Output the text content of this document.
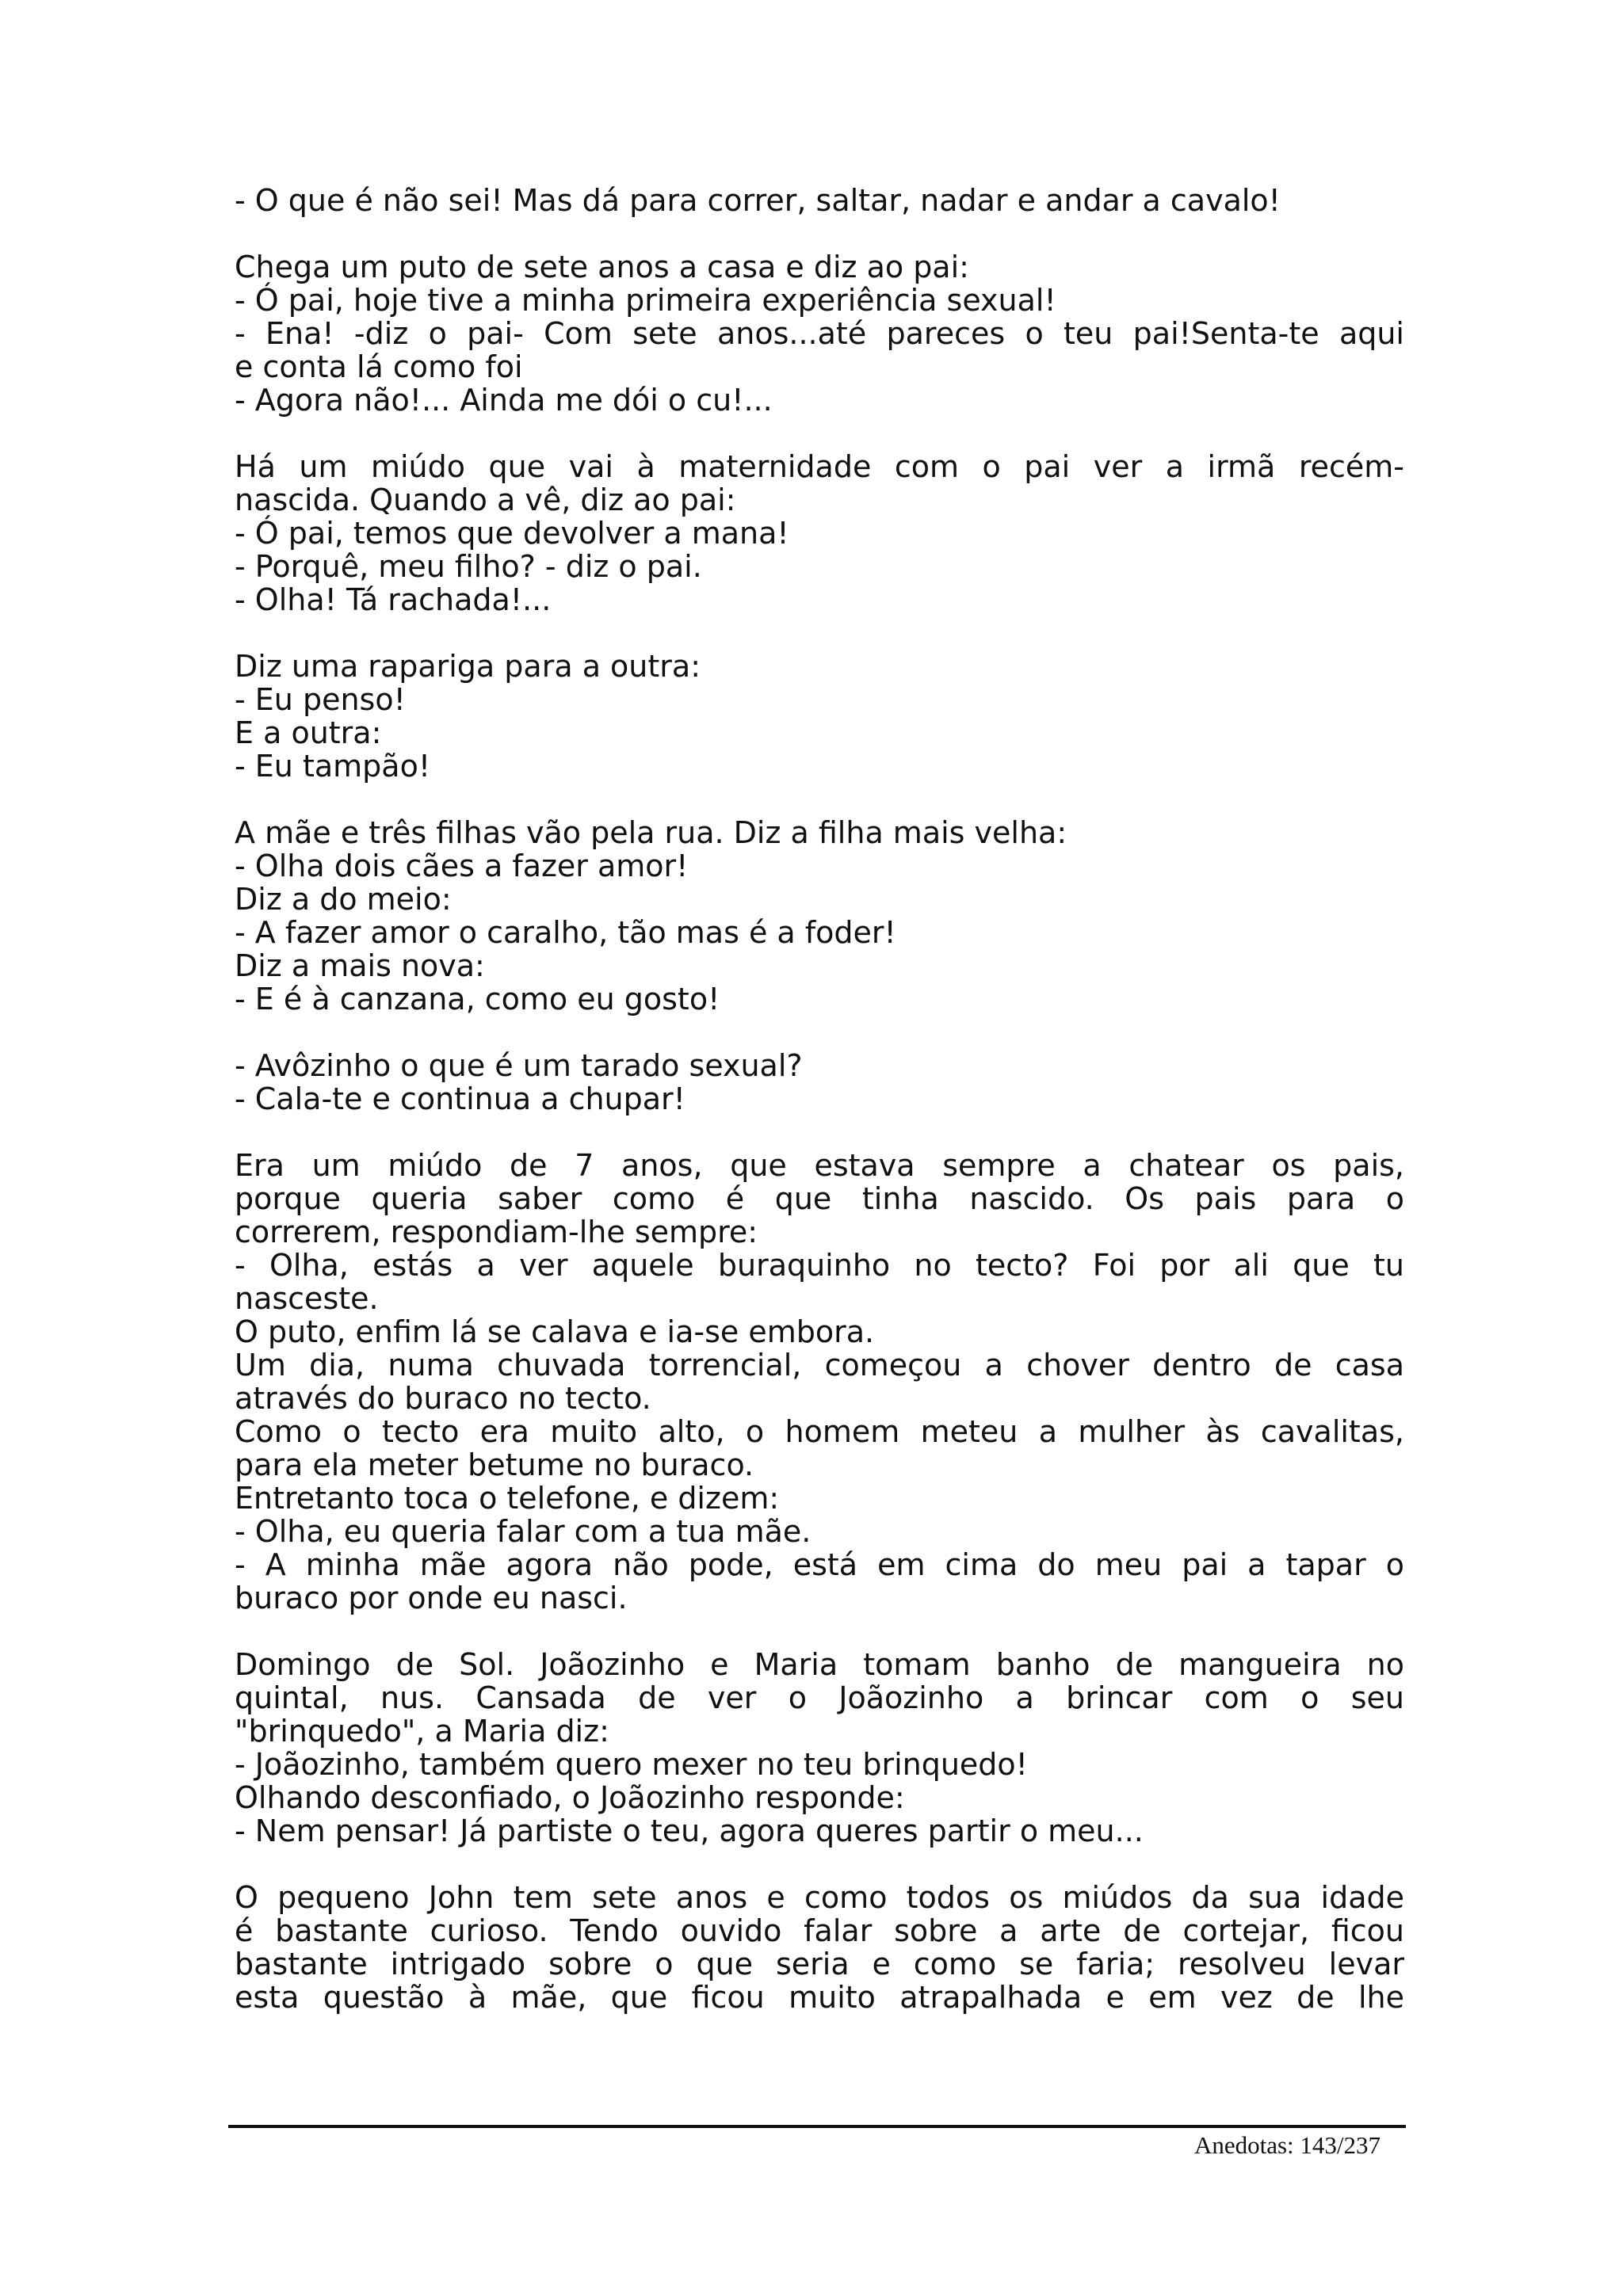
- O que é não sei! Mas dá para correr, saltar, nadar e andar a cavalo!
Chega um puto de sete anos a casa e diz ao pai:
- Ó pai, hoje tive a minha primeira experiência sexual!
- Ena! -diz o pai- Com sete anos...até pareces o teu pai!Senta-te aqui
e conta lá como foi
- Agora não!... Ainda me dói o cu!...
Há um miúdo que vai à maternidade com o pai ver a irmã recém-
nascida. Quando a vê, diz ao pai:
- Ó pai, temos que devolver a mana!
- Porquê, meu filho? - diz o pai.
- Olha! Tá rachada!...
Diz uma rapariga para a outra:
- Eu penso!
E a outra:
- Eu tampão!
A mãe e três filhas vão pela rua. Diz a filha mais velha:
- Olha dois cães a fazer amor!
Diz a do meio:
- A fazer amor o caralho, tão mas é a foder!
Diz a mais nova:
- E é à canzana, como eu gosto!
- Avôzinho o que é um tarado sexual?
- Cala-te e continua a chupar!
Era um miúdo de 7 anos, que estava sempre a chatear os pais,
porque queria saber como é que tinha nascido. Os pais para o
correrem, respondiam-lhe sempre:
- Olha, estás a ver aquele buraquinho no tecto? Foi por ali que tu
nasceste.
O puto, enfim lá se calava e ia-se embora.
Um dia, numa chuvada torrencial, começou a chover dentro de casa
através do buraco no tecto.
Como o tecto era muito alto, o homem meteu a mulher às cavalitas,
para ela meter betume no buraco.
Entretanto toca o telefone, e dizem:
- Olha, eu queria falar com a tua mãe.
- A minha mãe agora não pode, está em cima do meu pai a tapar o
buraco por onde eu nasci.
Domingo de Sol. Joãozinho e Maria tomam banho de mangueira no
quintal, nus. Cansada de ver o Joãozinho a brincar com o seu
"brinquedo", a Maria diz:
- Joãozinho, também quero mexer no teu brinquedo!
Olhando desconfiado, o Joãozinho responde:
- Nem pensar! Já partiste o teu, agora queres partir o meu...
O pequeno John tem sete anos e como todos os miúdos da sua idade
é bastante curioso. Tendo ouvido falar sobre a arte de cortejar, ficou
bastante intrigado sobre o que seria e como se faria; resolveu levar
esta questão à mãe, que ficou muito atrapalhada e em vez de lhe
Anedotas: 143/237
